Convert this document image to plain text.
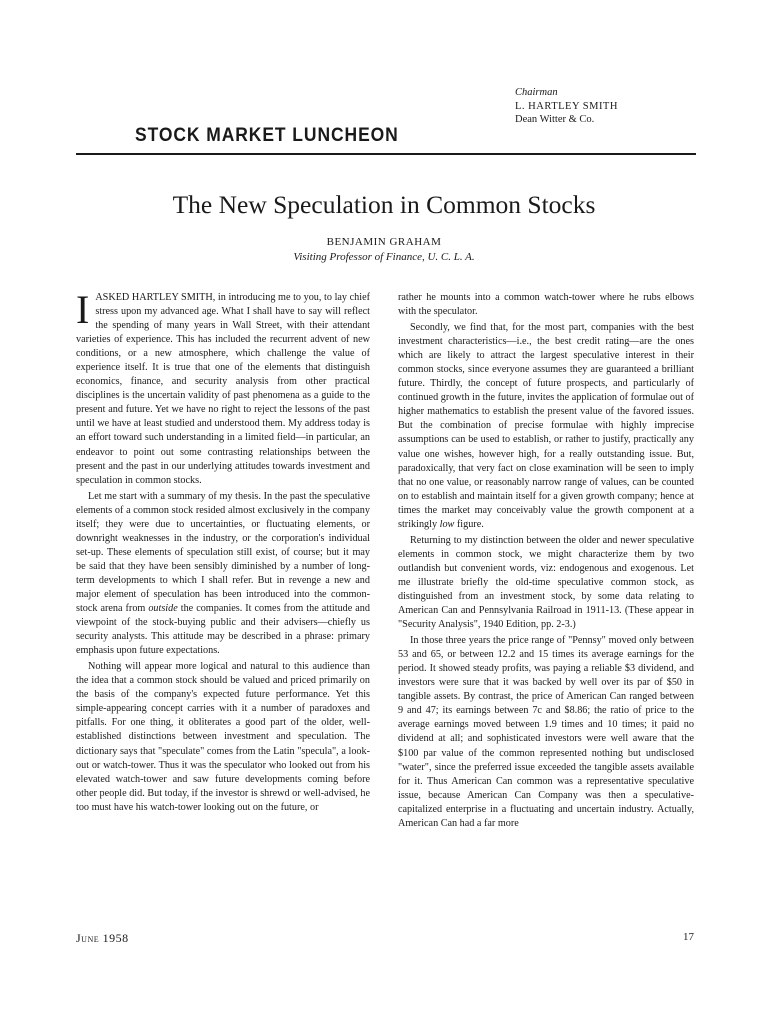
Chairman
L. HARTLEY SMITH
Dean Witter & Co.
STOCK MARKET LUNCHEON
The New Speculation in Common Stocks
BENJAMIN GRAHAM
Visiting Professor of Finance, U. C. L. A.

IASKED HARTLEY SMITH, in introducing me to you, to lay chief stress upon my advanced age. What I shall have to say will reflect the spending of many years in Wall Street, with their attendant varieties of experience. This has included the recurrent advent of new conditions, or a new atmosphere, which challenge the value of experience itself. It is true that one of the elements that distinguish economics, finance, and security analysis from other practical disciplines is the uncertain validity of past phenomena as a guide to the present and future. Yet we have no right to reject the lessons of the past until we have at least studied and understood them. My address today is an effort toward such understanding in a limited field—in particular, an endeavor to point out some contrasting relationships between the present and the past in our underlying attitudes towards investment and speculation in common stocks.

Let me start with a summary of my thesis. In the past the speculative elements of a common stock resided almost exclusively in the company itself; they were due to uncertainties, or fluctuating elements, or downright weaknesses in the industry, or the corporation's individual set-up. These elements of speculation still exist, of course; but it may be said that they have been sensibly diminished by a number of long-term developments to which I shall refer. But in revenge a new and major element of speculation has been introduced into the common-stock arena from outside the companies. It comes from the attitude and viewpoint of the stock-buying public and their advisers—chiefly us security analysts. This attitude may be described in a phrase: primary emphasis upon future expectations.

Nothing will appear more logical and natural to this audience than the idea that a common stock should be valued and priced primarily on the basis of the company's expected future performance. Yet this simple-appearing concept carries with it a number of paradoxes and pitfalls. For one thing, it obliterates a good part of the older, well-established distinctions between investment and speculation. The dictionary says that "speculate" comes from the Latin "specula", a look-out or watch-tower. Thus it was the speculator who looked out from his elevated watch-tower and saw future developments coming before other people did. But today, if the investor is shrewd or well-advised, he too must have his watch-tower looking out on the future, or

rather he mounts into a common watch-tower where he rubs elbows with the speculator.

Secondly, we find that, for the most part, companies with the best investment characteristics—i.e., the best credit rating—are the ones which are likely to attract the largest speculative interest in their common stocks, since everyone assumes they are guaranteed a brilliant future. Thirdly, the concept of future prospects, and particularly of continued growth in the future, invites the application of formulae out of higher mathematics to establish the present value of the favored issues. But the combination of precise formulae with highly imprecise assumptions can be used to establish, or rather to justify, practically any value one wishes, however high, for a really outstanding issue. But, paradoxically, that very fact on close examination will be seen to imply that no one value, or reasonably narrow range of values, can be counted on to establish and maintain itself for a given growth company; hence at times the market may conceivably value the growth component at a strikingly low figure.

Returning to my distinction between the older and newer speculative elements in common stock, we might characterize them by two outlandish but convenient words, viz: endogenous and exogenous. Let me illustrate briefly the old-time speculative common stock, as distinguished from an investment stock, by some data relating to American Can and Pennsylvania Railroad in 1911-13. (These appear in "Security Analysis", 1940 Edition, pp. 2-3.)

In those three years the price range of "Pennsy" moved only between 53 and 65, or between 12.2 and 15 times its average earnings for the period. It showed steady profits, was paying a reliable $3 dividend, and investors were sure that it was backed by well over its par of $50 in tangible assets. By contrast, the price of American Can ranged between 9 and 47; its earnings between 7c and $8.86; the ratio of price to the average earnings moved between 1.9 times and 10 times; it paid no dividend at all; and sophisticated investors were well aware that the $100 par value of the common represented nothing but undisclosed "water", since the preferred issue exceeded the tangible assets available for it. Thus American Can common was a representative speculative issue, because American Can Company was then a speculative-capitalized enterprise in a fluctuating and uncertain industry. Actually, American Can had a far more

June 1958	17
